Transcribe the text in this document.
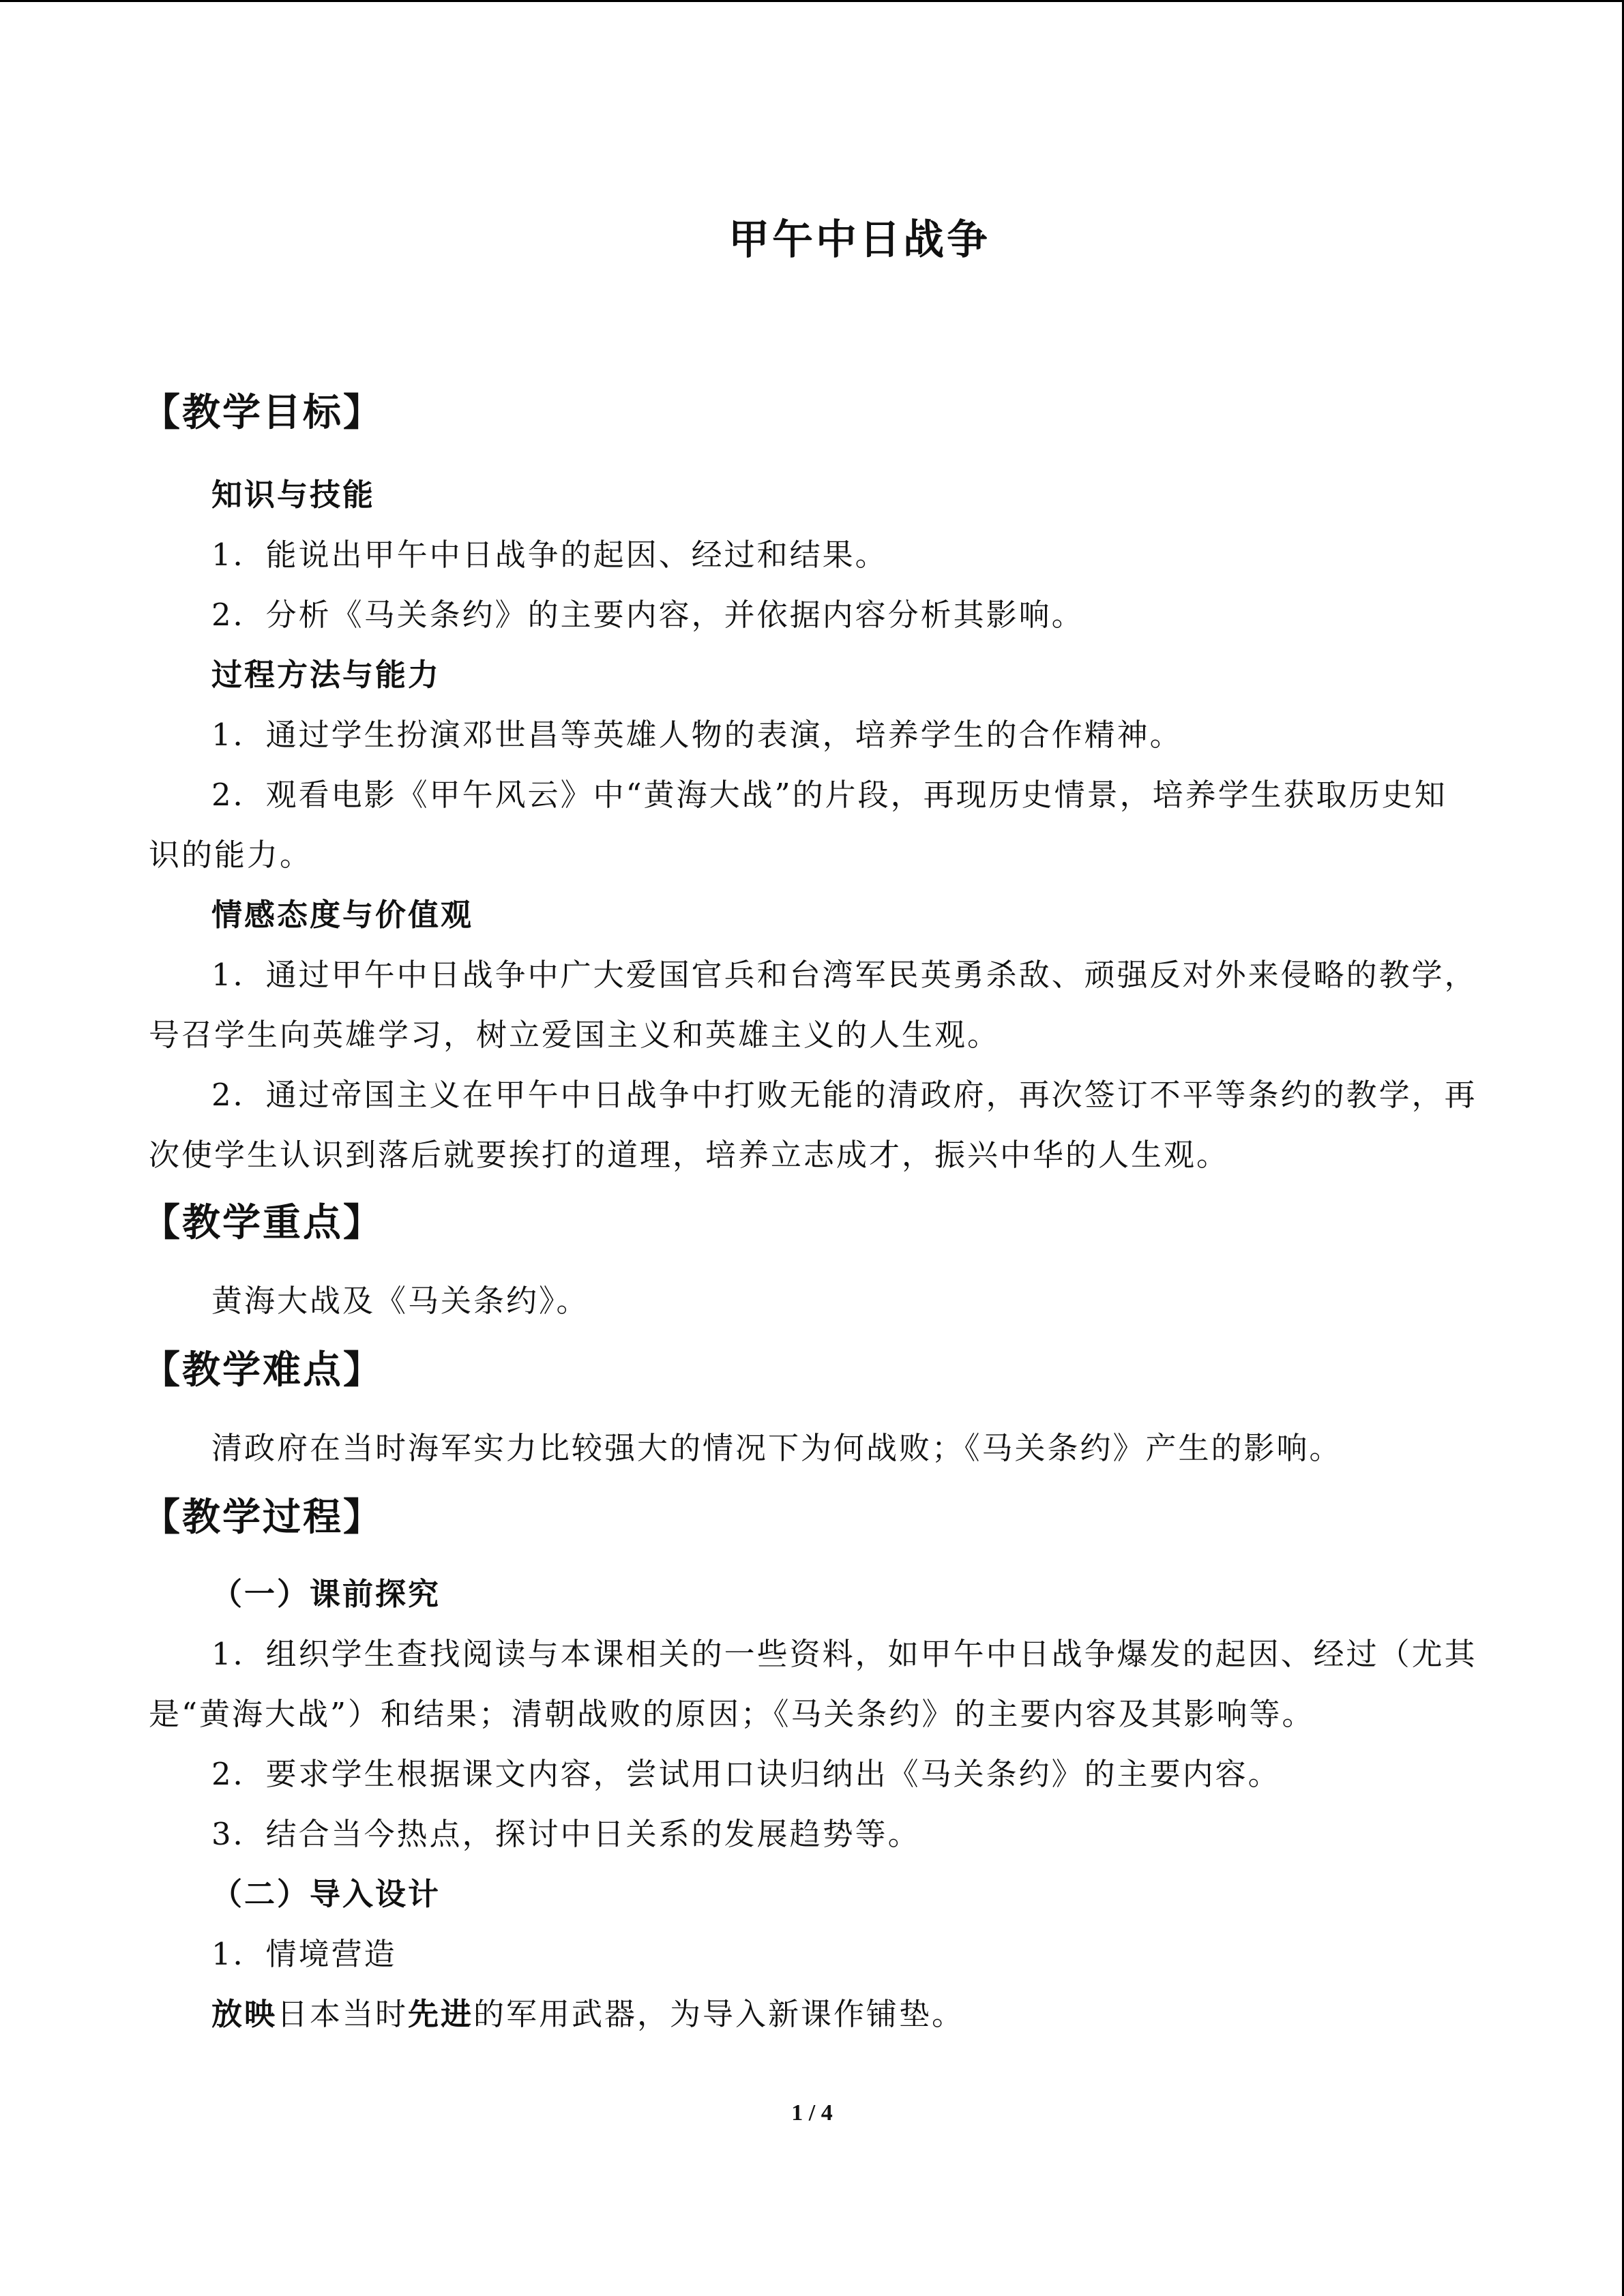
甲午中日战争
【教学目标】
知识与技能
1．能说出甲午中日战争的起因、经过和结果。
2．分析《马关条约》的主要内容，并依据内容分析其影响。
过程方法与能力
1．通过学生扮演邓世昌等英雄人物的表演，培养学生的合作精神。
2．观看电影《甲午风云》中“黄海大战”的片段，再现历史情景，培养学生获取历史知
识的能力。
情感态度与价值观
1．通过甲午中日战争中广大爱国官兵和台湾军民英勇杀敌、顽强反对外来侵略的教学，
号召学生向英雄学习，树立爱国主义和英雄主义的人生观。
2．通过帝国主义在甲午中日战争中打败无能的清政府，再次签订不平等条约的教学，再
次使学生认识到落后就要挨打的道理，培养立志成才，振兴中华的人生观。
【教学重点】
黄海大战及《马关条约》。
【教学难点】
清政府在当时海军实力比较强大的情况下为何战败；《马关条约》产生的影响。
【教学过程】
（一）课前探究
1．组织学生查找阅读与本课相关的一些资料，如甲午中日战争爆发的起因、经过（尤其
是“黄海大战”）和结果；清朝战败的原因；《马关条约》的主要内容及其影响等。
2．要求学生根据课文内容，尝试用口诀归纳出《马关条约》的主要内容。
3．结合当今热点，探讨中日关系的发展趋势等。
（二）导入设计
1．情境营造
放映日本当时先进的军用武器，为导入新课作铺垫。
1 / 4
